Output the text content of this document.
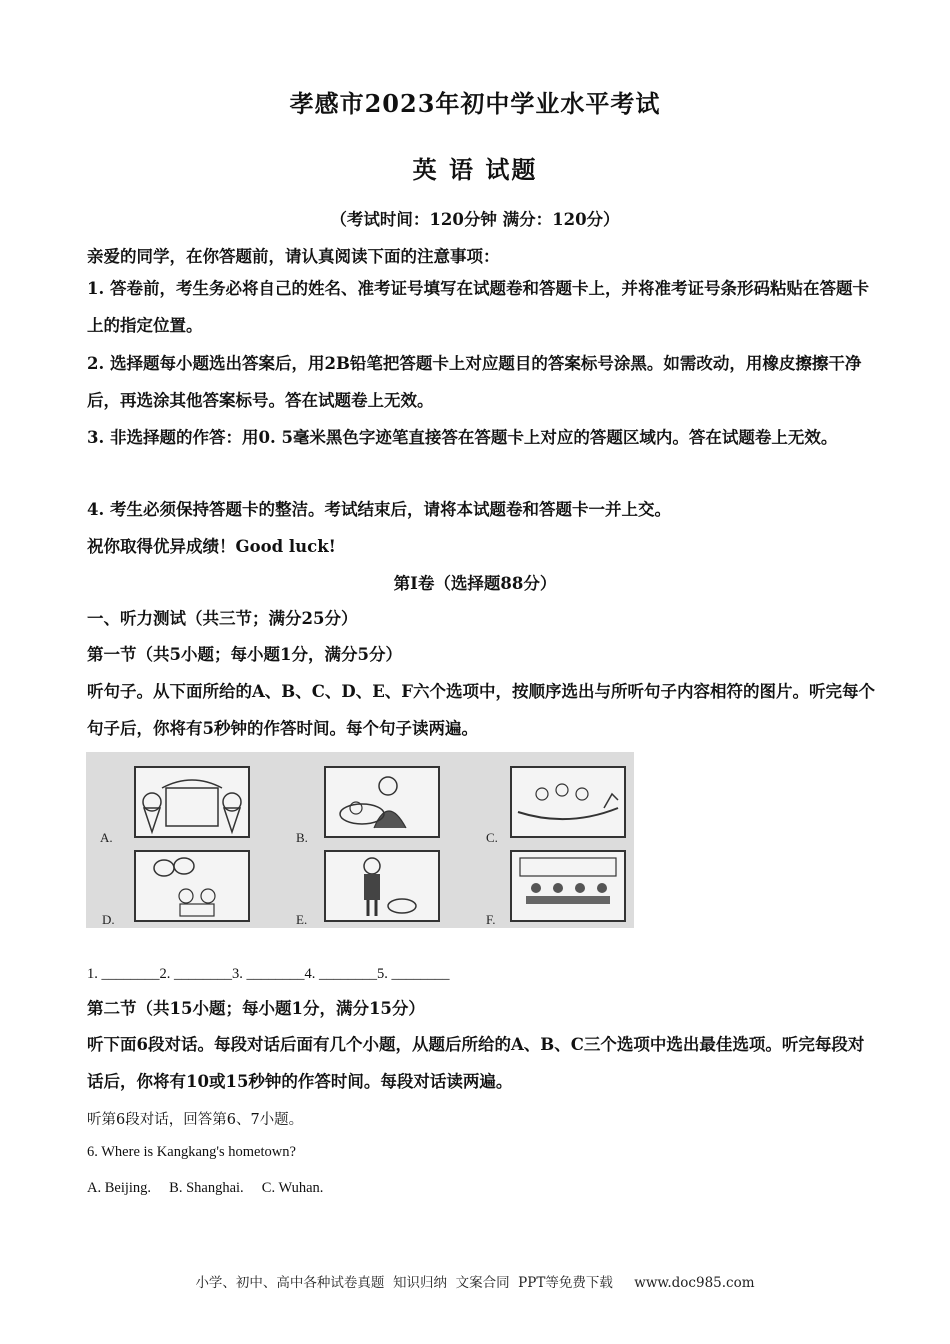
孝感市2023年初中学业水平考试
英 语 试题
（考试时间：120分钟 满分：120分）
亲爱的同学，在你答题前，请认真阅读下面的注意事项：
1. 答卷前，考生务必将自己的姓名、准考证号填写在试题卷和答题卡上，并将准考证号条形码粘贴在答题卡上的指定位置。
2. 选择题每小题选出答案后，用2B铅笔把答题卡上对应题目的答案标号涂黑。如需改动，用橡皮擦擦干净后，再选涂其他答案标号。答在试题卷上无效。
3. 非选择题的作答：用0. 5毫米黑色字迹笔直接答在答题卡上对应的答题区域内。答在试题卷上无效。
4. 考生必须保持答题卡的整洁。考试结束后，请将本试题卷和答题卡一并上交。
祝你取得优异成绩！Good luck!
第Ⅰ卷（选择题88分）
一、听力测试（共三节；满分25分）
第一节（共5小题；每小题1分，满分5分）
听句子。从下面所给的A、B、C、D、E、F六个选项中，按顺序选出与所听句子内容相符的图片。听完每个句子后，你将有5秒钟的作答时间。每个句子读两遍。
A.	B.	C.
D.	E.	F.
1. ________2. ________3. ________4. ________5. ________
第二节（共15小题；每小题1分，满分15分）
听下面6段对话。每段对话后面有几个小题，从题后所给的A、B、C三个选项中选出最佳选项。听完每段对话后，你将有10或15秒钟的作答时间。每段对话读两遍。
听第6段对话，回答第6、7小题。
6. Where is Kangkang's hometown?
A. Beijing.     B. Shanghai.     C. Wuhan.
小学、初中、高中各种试卷真题  知识归纳  文案合同  PPT等免费下载     www.doc985.com
